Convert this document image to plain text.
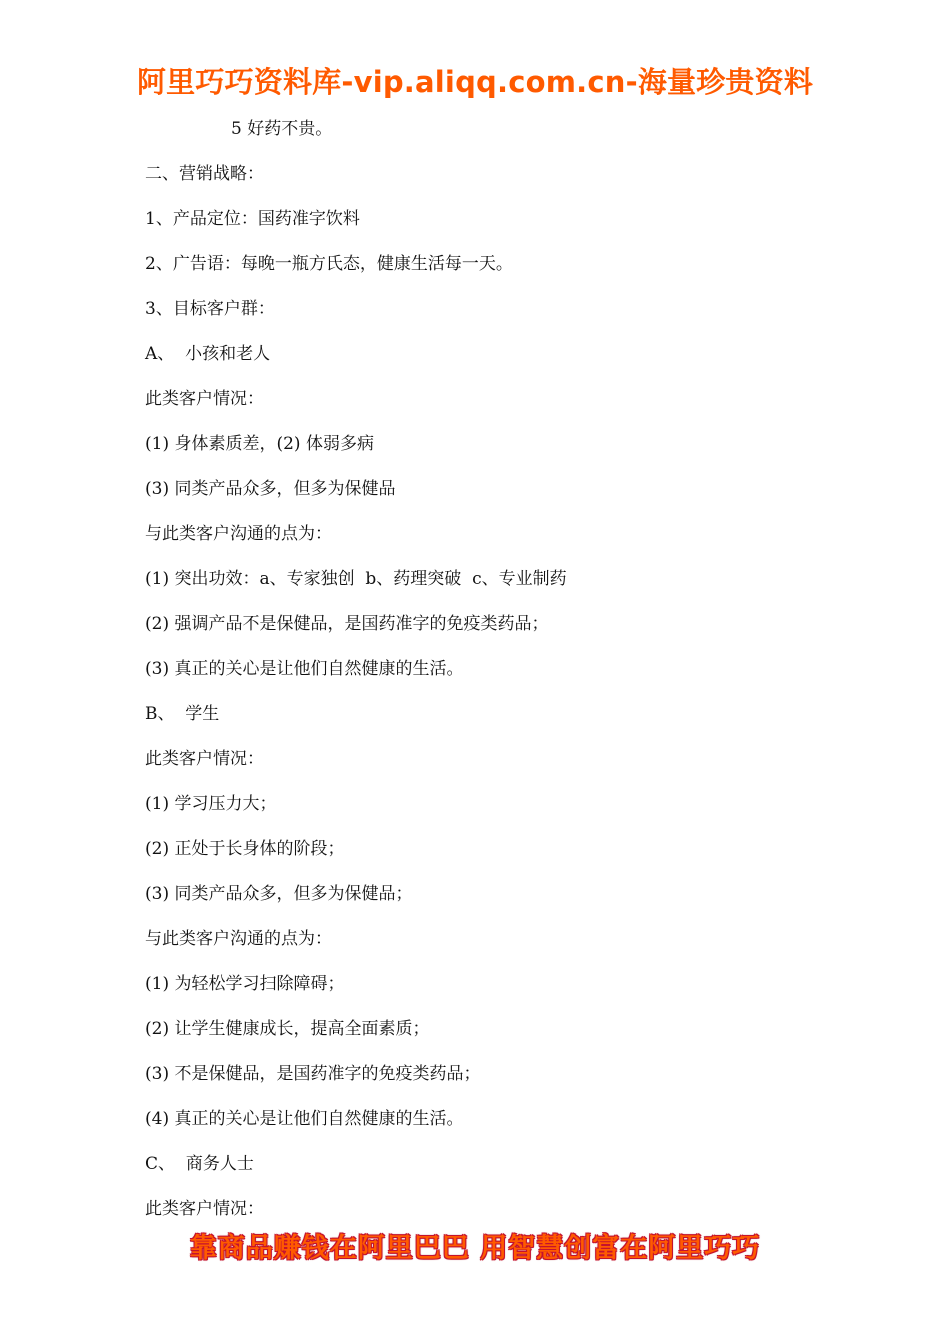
阿里巧巧资料库-vip.aliqq.com.cn-海量珍贵资料
5 好药不贵。
二、营销战略：
1、产品定位：国药准字饮料
2、广告语：每晚一瓶方氏态，健康生活每一天。
3、目标客户群：
A、  小孩和老人
此类客户情况：
(1) 身体素质差，(2) 体弱多病
(3) 同类产品众多，但多为保健品
与此类客户沟通的点为：
(1) 突出功效：a、专家独创  b、药理突破  c、专业制药
(2) 强调产品不是保健品，是国药准字的免疫类药品；
(3) 真正的关心是让他们自然健康的生活。
B、  学生
此类客户情况：
(1) 学习压力大；
(2) 正处于长身体的阶段；
(3) 同类产品众多，但多为保健品；
与此类客户沟通的点为：
(1) 为轻松学习扫除障碍；
(2) 让学生健康成长，提高全面素质；
(3) 不是保健品，是国药准字的免疫类药品；
(4) 真正的关心是让他们自然健康的生活。
C、  商务人士
此类客户情况：
靠商品赚钱在阿里巴巴 用智慧创富在阿里巧巧
